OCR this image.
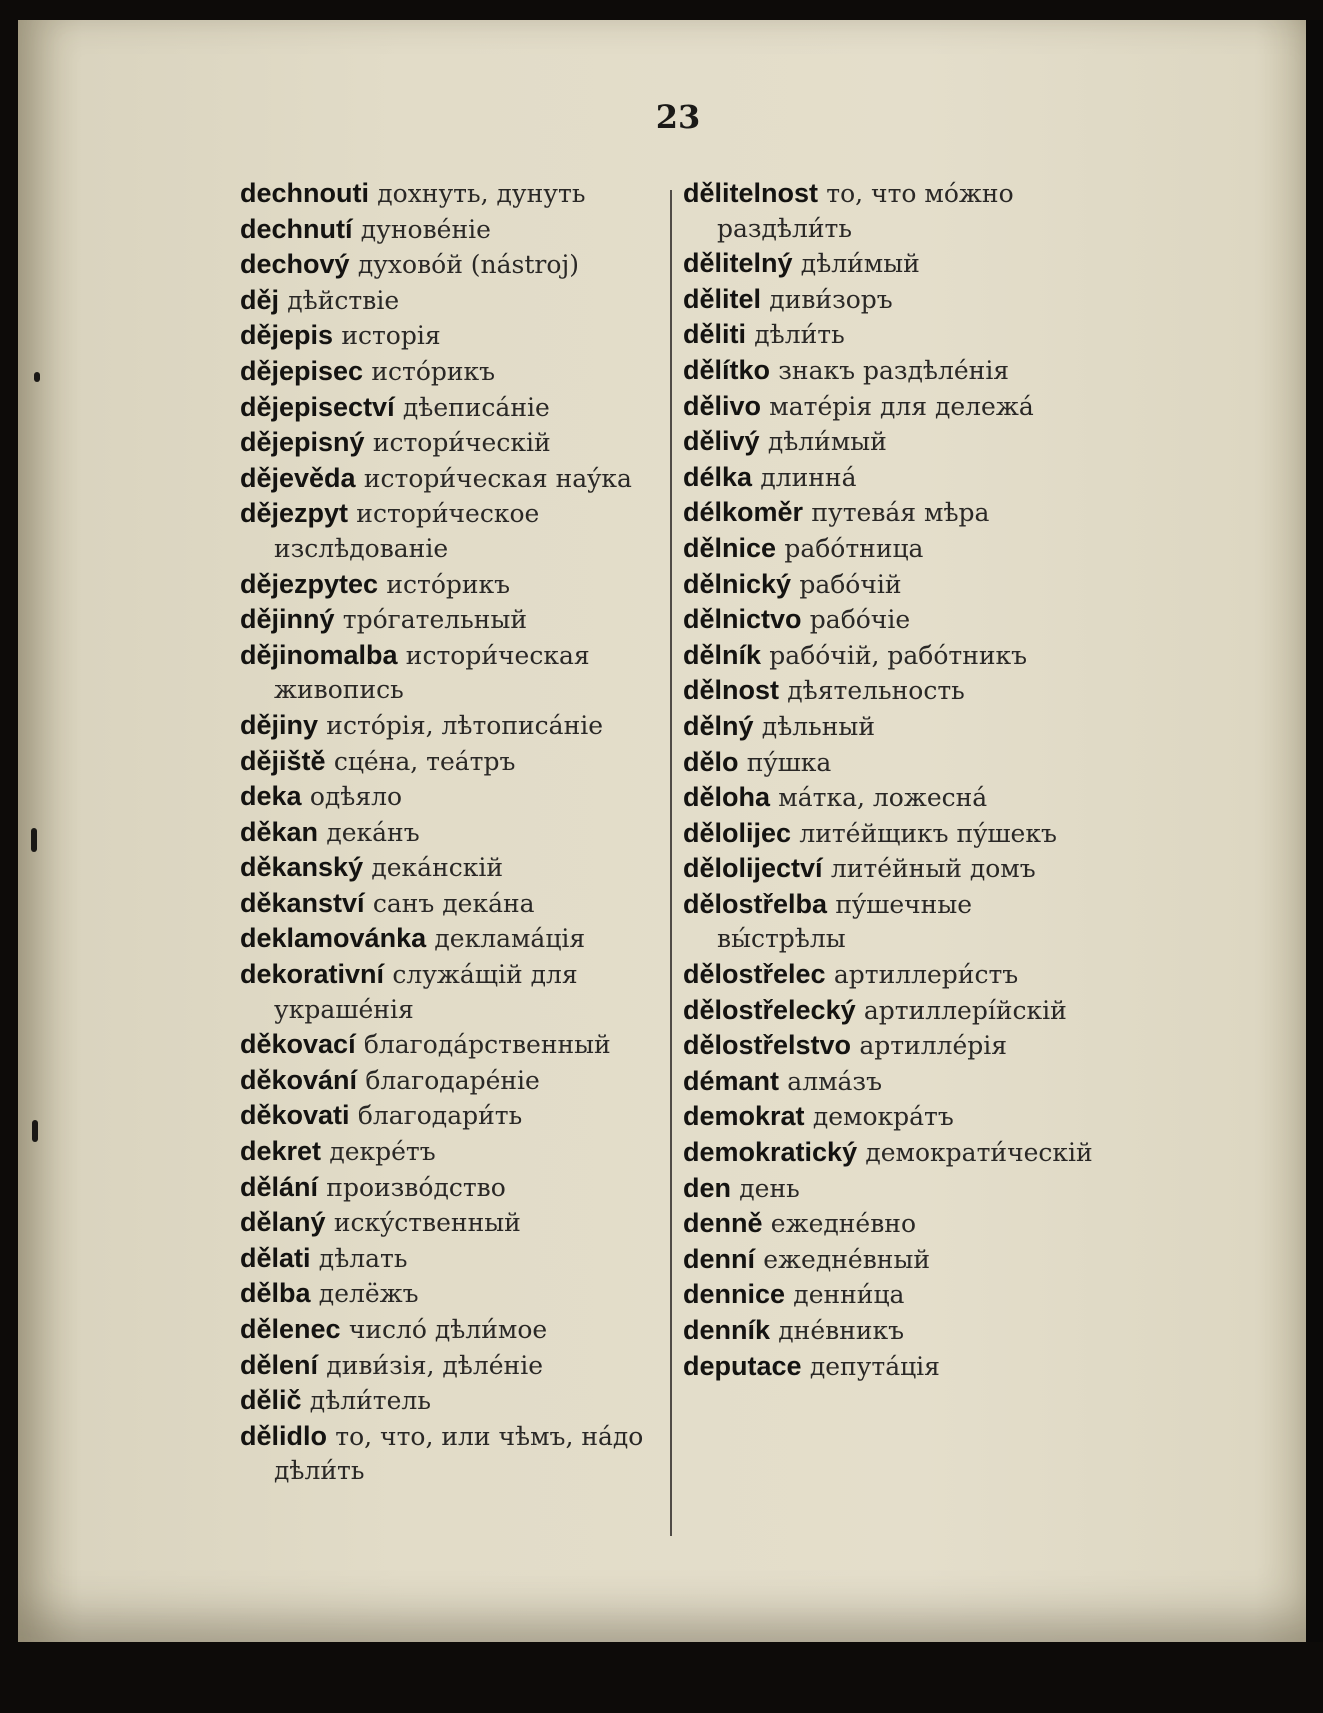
23
dechnouti дохнуть, дунуть
dechnutí дуновéнiе
dechový духовóй (nástroj)
děj дѣйствiе
dějepis исторiя
dějepisec истóрикъ
dějepisectví дѣеписáнiе
dějepisný истори́ческiй
dějevěda истори́ческая наýка
dějezpyt истори́ческое изслѣдованiе
dějezpytec истóрикъ
dějinný трóгательный
dějinomalba истори́ческая живопись
dějiny истóрiя, лѣтописáнiе
dějiště сцéна, теáтръ
deka одѣяло
děkan декáнъ
děkanský декáнскiй
děkanství санъ декáна
deklamovánka деклама́цiя
dekorativní служáщiй для украшéнiя
děkovací благодáрственный
děkování благодарéнiе
děkovati благодари́ть
dekret декрéтъ
dělání произвóдство
dělaný искýственный
dělati дѣлать
dělba делёжъ
dělenec числó дѣли́мое
dělení диви́зiя, дѣлéнiе
dělič дѣли́тель
dělidlo то, что, или чѣмъ, нáдо дѣли́ть
dělitelnost то, что мóжно раздѣли́ть
dělitelný дѣли́мый
dělitel диви́зоръ
děliti дѣли́ть
dělítko знакъ раздѣлéнiя
dělivo матéрiя для дележá
dělivý дѣли́мый
délka длиннá
délkoměr путевáя мѣра
dělnice рабóтница
dělnický рабóчiй
dělnictvo рабóчiе
dělník рабóчiй, рабóтникъ
dělnost дѣятельность
dělný дѣльный
dělo пýшка
děloha мáтка, ложеснá
dělolijec литéйщикъ пýшекъ
dělolijectví литéйный домъ
dělostřelba пýшечные вы́стрѣлы
dělostřelec артиллери́стъ
dělostřelecký артиллерíйскiй
dělostřelstvo артиллéрiя
démant алмáзъ
demokrat демокрáтъ
demokratický демократи́ческiй
den день
denně ежеднéвно
denní ежеднéвный
dennice денни́ца
denník днéвникъ
deputace депутáцiя
